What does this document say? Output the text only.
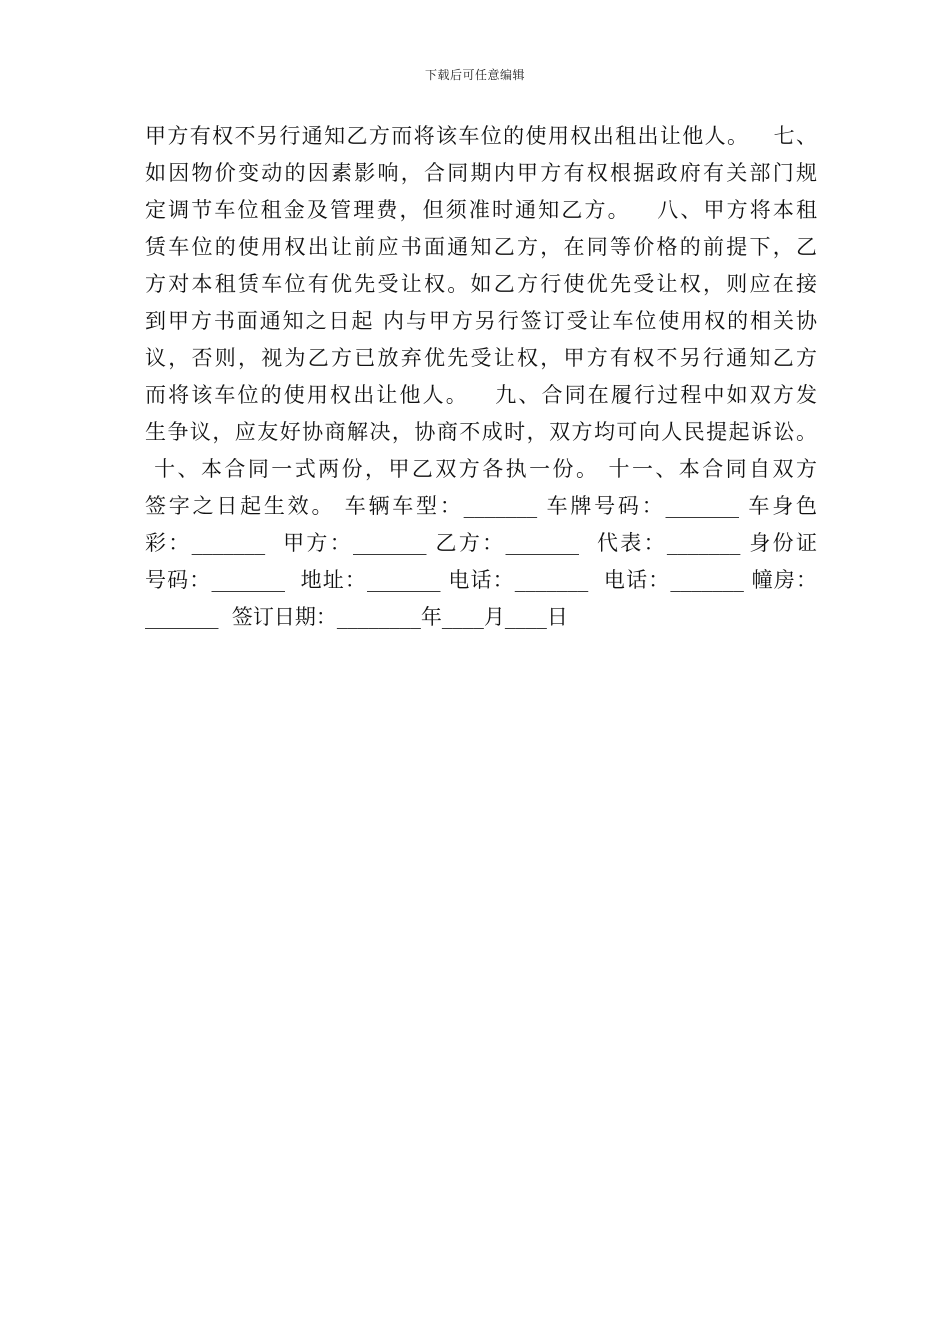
下载后可任意编辑
甲方有权不另行通知乙方而将该车位的使用权出租出让他人。   七、
如因物价变动的因素影响，合同期内甲方有权根据政府有关部门规
定调节车位租金及管理费，但须准时通知乙方。   八、甲方将本租
赁车位的使用权出让前应书面通知乙方，在同等价格的前提下，乙
方对本租赁车位有优先受让权。如乙方行使优先受让权，则应在接
到甲方书面通知之日起 内与甲方另行签订受让车位使用权的相关协
议，否则，视为乙方已放弃优先受让权，甲方有权不另行通知乙方
而将该车位的使用权出让他人。   九、合同在履行过程中如双方发
生争议，应友好协商解决，协商不成时，双方均可向人民提起诉讼。
十、本合同一式两份，甲乙双方各执一份。 十一、本合同自双方
签字之日起生效。 车辆车型：_______ 车牌号码：_______ 车身色
彩：_______  甲方：_______ 乙方：_______  代表：_______ 身份证
号码：_______  地址：_______ 电话：_______  电话：_______ 幢房：
_______  签订日期：________年____月____日
